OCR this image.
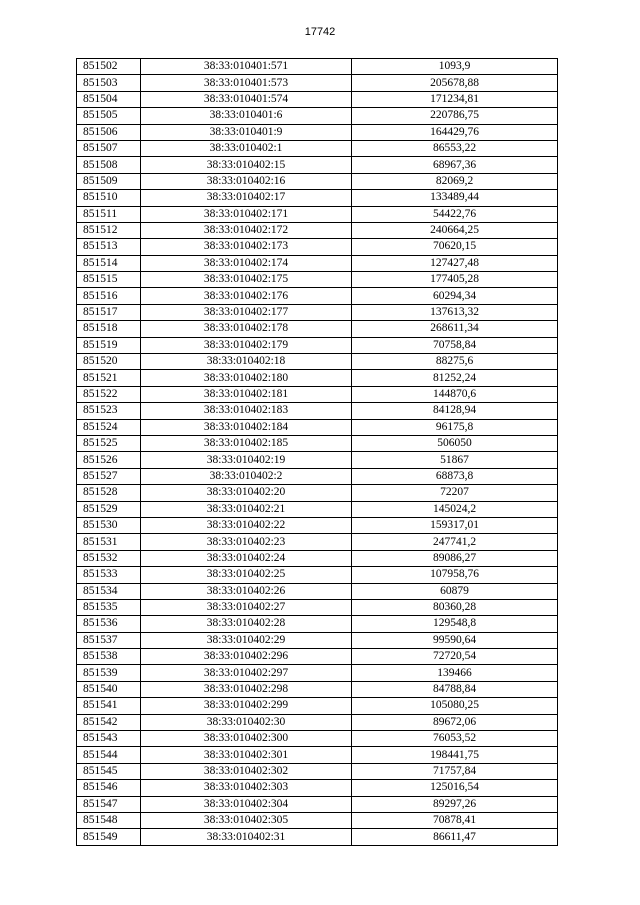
17742
851502	38:33:010401:571	1093,9
851503	38:33:010401:573	205678,88
851504	38:33:010401:574	171234,81
851505	38:33:010401:6	220786,75
851506	38:33:010401:9	164429,76
851507	38:33:010402:1	86553,22
851508	38:33:010402:15	68967,36
851509	38:33:010402:16	82069,2
851510	38:33:010402:17	133489,44
851511	38:33:010402:171	54422,76
851512	38:33:010402:172	240664,25
851513	38:33:010402:173	70620,15
851514	38:33:010402:174	127427,48
851515	38:33:010402:175	177405,28
851516	38:33:010402:176	60294,34
851517	38:33:010402:177	137613,32
851518	38:33:010402:178	268611,34
851519	38:33:010402:179	70758,84
851520	38:33:010402:18	88275,6
851521	38:33:010402:180	81252,24
851522	38:33:010402:181	144870,6
851523	38:33:010402:183	84128,94
851524	38:33:010402:184	96175,8
851525	38:33:010402:185	506050
851526	38:33:010402:19	51867
851527	38:33:010402:2	68873,8
851528	38:33:010402:20	72207
851529	38:33:010402:21	145024,2
851530	38:33:010402:22	159317,01
851531	38:33:010402:23	247741,2
851532	38:33:010402:24	89086,27
851533	38:33:010402:25	107958,76
851534	38:33:010402:26	60879
851535	38:33:010402:27	80360,28
851536	38:33:010402:28	129548,8
851537	38:33:010402:29	99590,64
851538	38:33:010402:296	72720,54
851539	38:33:010402:297	139466
851540	38:33:010402:298	84788,84
851541	38:33:010402:299	105080,25
851542	38:33:010402:30	89672,06
851543	38:33:010402:300	76053,52
851544	38:33:010402:301	198441,75
851545	38:33:010402:302	71757,84
851546	38:33:010402:303	125016,54
851547	38:33:010402:304	89297,26
851548	38:33:010402:305	70878,41
851549	38:33:010402:31	86611,47
